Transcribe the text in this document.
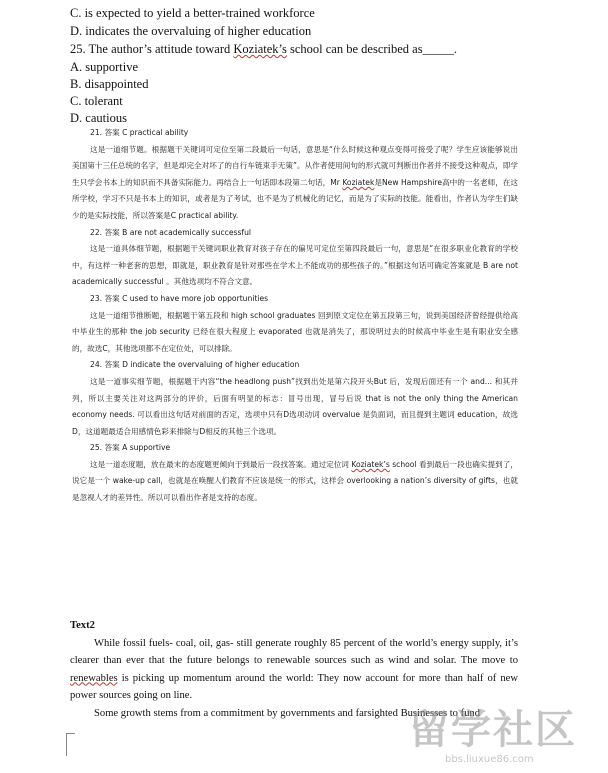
C. is expected to yield a better-trained workforce
D. indicates the overvaluing of higher education
25. The author’s attitude toward Koziatek’s school can be described as_____.
A. supportive
B. disappointed
C. tolerant
D. cautious

21. 答案 C practical ability

这是一道细节题。根据题干关键词可定位至第二段最后一句话，意思是“什么时候这种观点变得可接受了呢？学生应该能够说出美国第十三任总统的名字，但是却完全对坏了的自行车链束手无策”。从作者使用间句的形式就可判断出作者并不接受这种观点，即学生只学会书本上的知识而不具备实际能力。再结合上一句话即本段第二句话，Mr Koziatek是New Hampshire高中的一名老师，在这所学校，学习不只是书本上的知识，或者是为了考试，也不是为了机械化的记忆，而是为了实际的技能。能看出，作者认为学生们缺少的是实际技能，所以答案是C practical ability.

22. 答案 B are not academically successful

这是一道具体细节题，根据题干关键词职业教育对孩子存在的偏见可定位至第四段最后一句，意思是“在很多职业化教育的学校中，有这样一种老套的思想，即就是，职业教育是针对那些在学术上不能成功的那些孩子的。”根据这句话可确定答案就是 B are not academically successful 。其他选项均不符合文意。

23. 答案 C used to have more job opportunities

这是一道细节推断题，根据题干第五段和 high school graduates 回到原文定位在第五段第三句，说到美国经济曾经提供给高中毕业生的那种 the job security 已经在很大程度上 evaporated 也就是消失了，那说明过去的时候高中毕业生是有职业安全感的，故选C，其他选项都不在定位处，可以排除。

24. 答案 D indicate the overvaluing of higher education

这是一道事实细节题，根据题干内容“the headlong push”找到出处是第六段开头But 后，发现后面还有一个 and... 和其并列，所以主要关注对这两部分的评价，后面有明显的标志：冒号出现，冒号后说 that is not the only thing the American economy needs. 可以看出这句话对前面的否定，选项中只有D选项动词 overvalue 是负面词，而且提到主题词 education，故选D，这道题最适合用感情色彩来排除与D相反的其他三个选项。

25. 答案 A supportive

这是一道态度题，放在最末的态度题更倾向于到最后一段找答案。通过定位词 Koziatek’s school 看到最后一段也确实提到了，说它是一个 wake-up call，也就是在唤醒人们教育不应该是统一的形式，这样会 overlooking a nation’s diversity of gifts，也就是忽视人才的差异性。所以可以看出作者是支持的态度。

Text2

While fossil fuels- coal, oil, gas- still generate roughly 85 percent of the world’s energy supply, it’s clearer than ever that the future belongs to renewable sources such as wind and solar. The move to renewables is picking up momentum around the world: They now account for more than half of new power sources going on line.

Some growth stems from a commitment by governments and farsighted Businesses to fund

留学社区
bbs.liuxue86.com
